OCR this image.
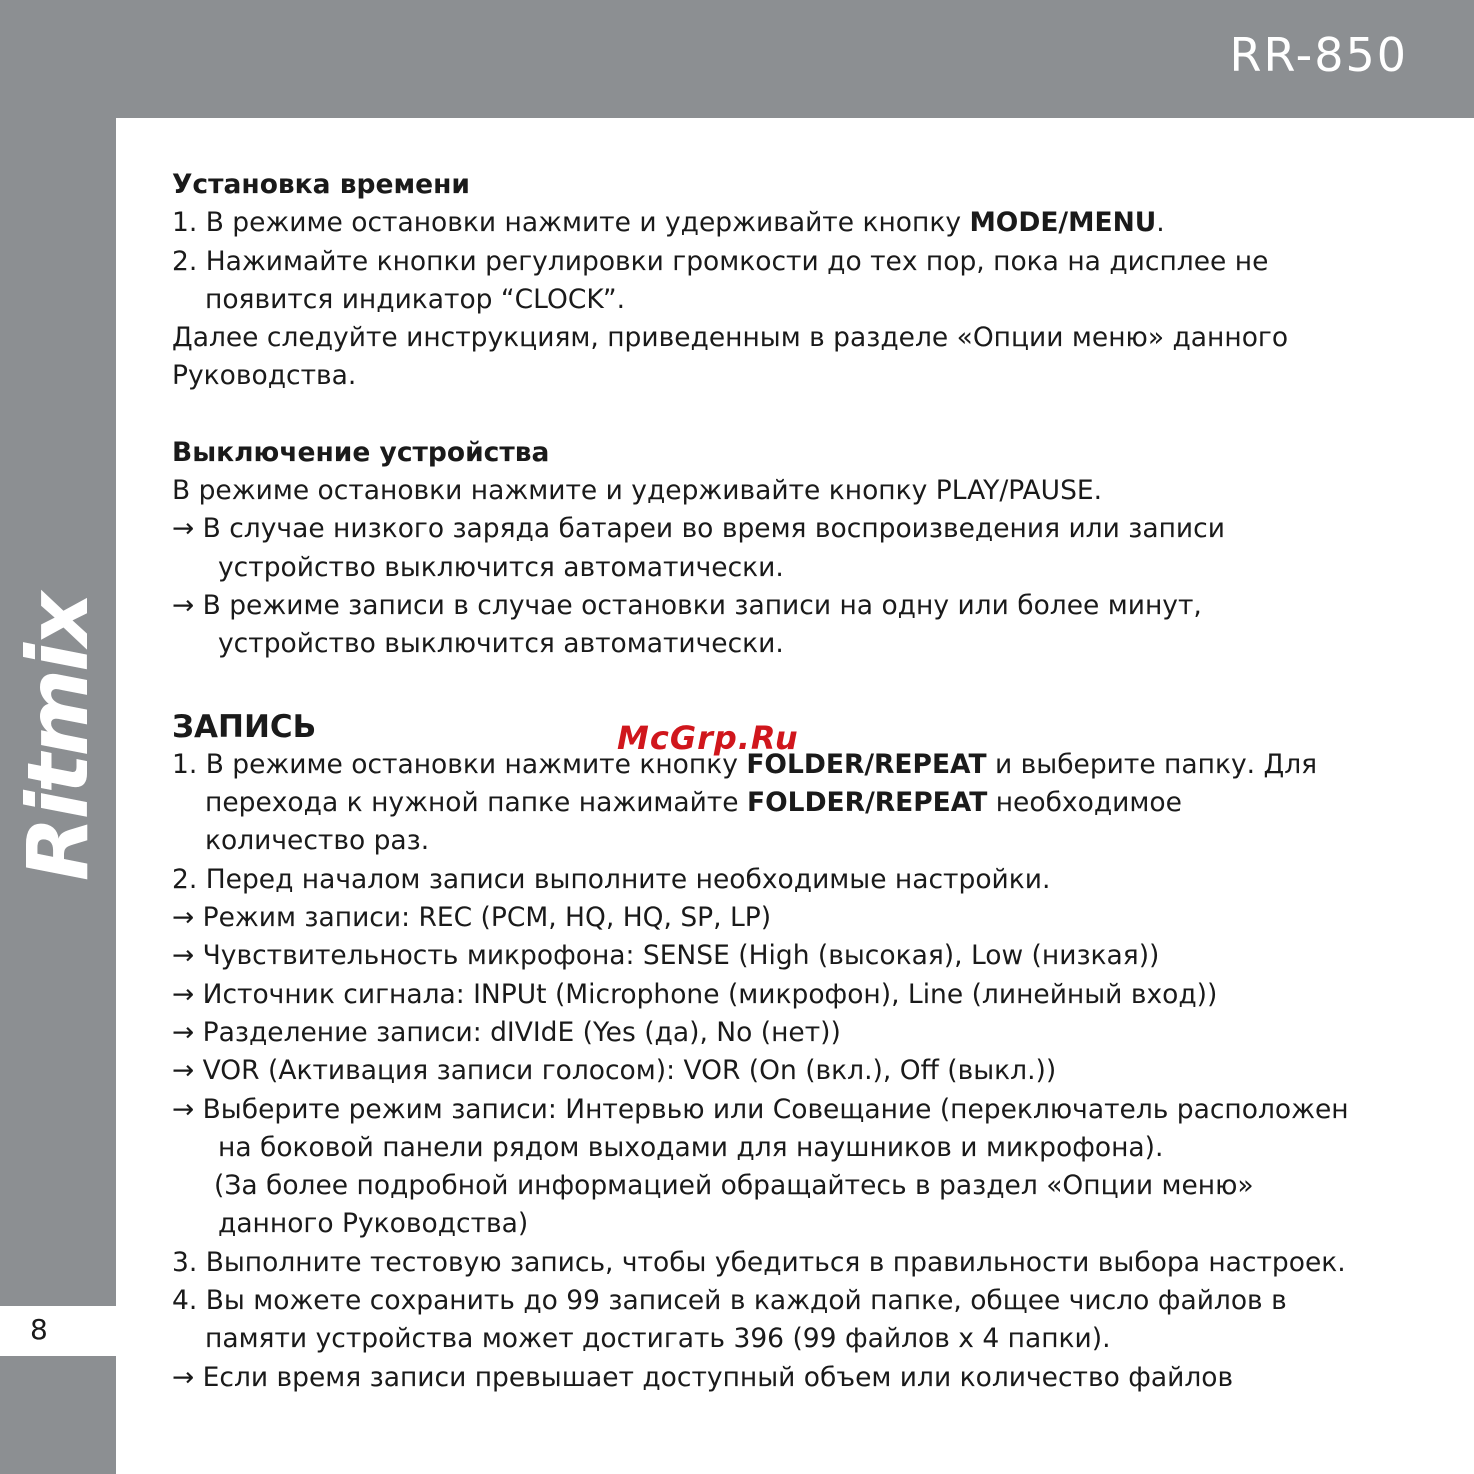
RR-850
Ritmix
8

Установка времени

1. В режиме остановки нажмите и удерживайте кнопку MODE/MENU.

2. Нажимайте кнопки регулировки громкости до тех пор, пока на дисплее не

появится индикатор “CLOCK”.

Далее следуйте инструкциям, приведенным в разделе «Опции меню» данного

Руководства.

Выключение устройства

В режиме остановки нажмите и удерживайте кнопку PLAY/PAUSE.

→ В случае низкого заряда батареи во время воспроизведения или записи

устройство выключится автоматически.

→ В режиме записи в случае остановки записи на одну или более минут,

устройство выключится автоматически.

ЗАПИСЬ

1. В режиме остановки нажмите кнопку FOLDER/REPEAT и выберите папку. Для

перехода к нужной папке нажимайте FOLDER/REPEAT необходимое

количество раз.

2. Перед началом записи выполните необходимые настройки.

→ Режим записи: REC (PCM, HQ, HQ, SP, LP)

→ Чувствительность микрофона: SENSE (High (высокая), Low (низкая))

→ Источник сигнала: INPUt (Microphone (микрофон), Line (линейный вход))

→ Разделение записи: dIVIdE (Yes (да), No (нет))

→ VOR (Активация записи голосом): VOR (On (вкл.), Off (выкл.))

→ Выберите режим записи: Интервью или Совещание (переключатель расположен

на боковой панели рядом выходами для наушников и микрофона).

(За более подробной информацией обращайтесь в раздел «Опции меню»

данного Руководства)

3. Выполните тестовую запись, чтобы убедиться в правильности выбора настроек.

4. Вы можете сохранить до 99 записей в каждой папке, общее число файлов в

памяти устройства может достигать 396 (99 файлов x 4 папки).

→ Если время записи превышает доступный объем или количество файлов

McGrp.Ru
